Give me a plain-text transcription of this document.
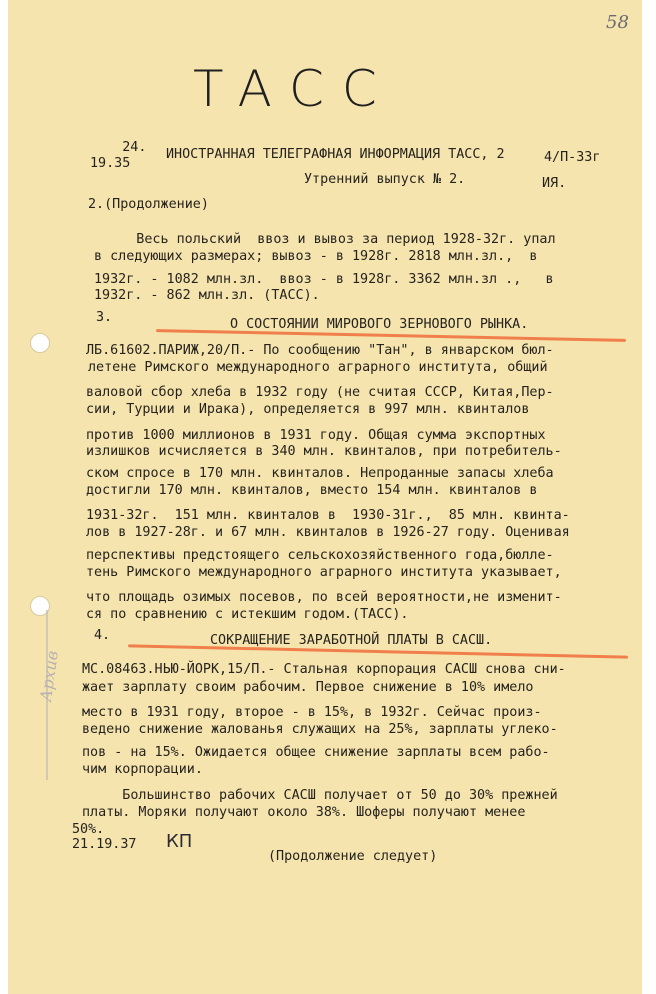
Архив
TACC

24.
19.35

ИНОСТРАННАЯ ТЕЛЕГРАФНАЯ ИНФОРМАЦИЯ ТАСС, 2	4/П-33г
Утренний выпуск № 2.	ИЯ.
2.(Продолжение)
Весь польский  ввоз и вывоз за период 1928-32г. упал
в следующих размерах; вывоз - в 1928г. 2818 млн.зл.,  в
1932г. - 1082 млн.зл.  ввоз - в 1928г. 3362 млн.зл .,   в
1932г. - 862 млн.зл. (ТАСС).
3.	О СОСТОЯНИИ МИРОВОГО ЗЕРНОВОГО РЫНКА.
ЛБ.61602.ПАРИЖ,20/П.- По сообщению "Тан", в январском бюл-
летене Римского международного аграрного института, общий
валовой сбор хлеба в 1932 году (не считая СССР, Китая,Пер-
сии, Турции и Ирака), определяется в 997 млн. квинталов
против 1000 миллионов в 1931 году. Общая сумма экспортных
излишков исчисляется в 340 млн. квинталов, при потребитель-
ском спросе в 170 млн. квинталов. Непроданные запасы хлеба
достигли 170 млн. квинталов, вместо 154 млн. квинталов в
1931-32г.  151 млн. квинталов в  1930-31г.,  85 млн. квинта-
лов в 1927-28г. и 67 млн. квинталов в 1926-27 году. Оценивая
перспективы предстоящего сельскохозяйственного года,бюлле-
тень Римского международного аграрного института указывает,
что площадь озимых посевов, по всей вероятности,не изменит-
ся по сравнению с истекшим годом.(ТАСС).
4.	СОКРАЩЕНИЕ ЗАРАБОТНОЙ ПЛАТЫ В САСШ.
МС.08463.НЬЮ-ЙОРК,15/П.- Стальная корпорация САСШ снова сни-
жает зарплату своим рабочим. Первое снижение в 10% имело
место в 1931 году, второе - в 15%, в 1932г. Сейчас произ-
ведено снижение жалованья служащих на 25%, зарплаты углеко-
пов - на 15%. Ожидается общее снижение зарплаты всем рабо-
чим корпорации.
Большинство рабочих САСШ получает от 50 до 30% прежней
платы. Моряки получают около 38%. Шоферы получают менее
50%.
21.19.37 КП
(Продолжение следует)
58
